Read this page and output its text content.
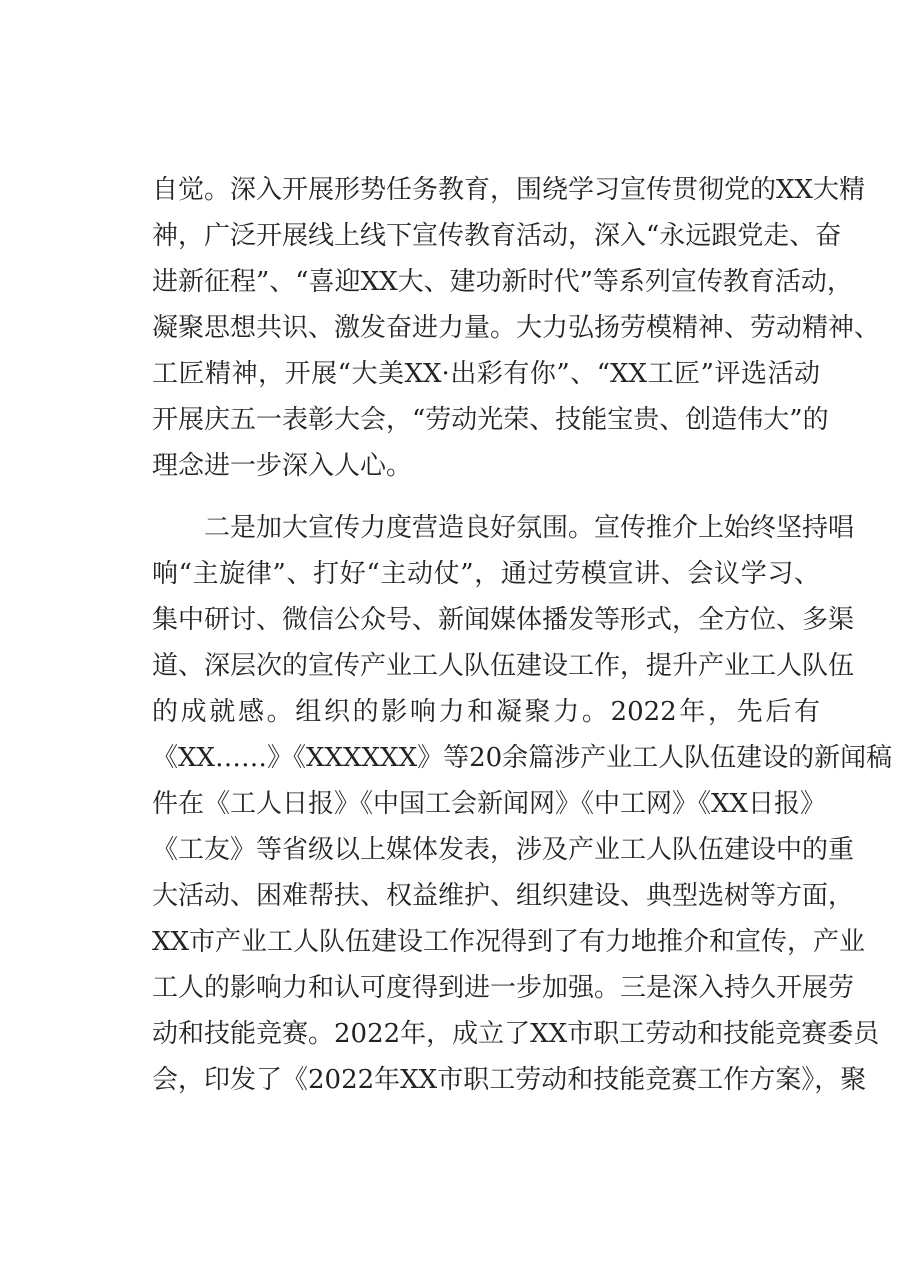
自觉。深入开展形势任务教育，围绕学习宣传贯彻党的XX大精
神，广泛开展线上线下宣传教育活动，深入“永远跟党走、奋
进新征程”、“喜迎XX大、建功新时代”等系列宣传教育活动，
凝聚思想共识、激发奋进力量。大力弘扬劳模精神、劳动精神、
工匠精神，开展“大美XX·出彩有你”、“XX工匠”评选活动
开展庆五一表彰大会，“劳动光荣、技能宝贵、创造伟大”的
理念进一步深入人心。
二是加大宣传力度营造良好氛围。宣传推介上始终坚持唱
响“主旋律”、打好“主动仗”，通过劳模宣讲、会议学习、
集中研讨、微信公众号、新闻媒体播发等形式，全方位、多渠
道、深层次的宣传产业工人队伍建设工作，提升产业工人队伍
的成就感。组织的影响力和凝聚力。2022年，先后有
《XX……》《XXXXXX》等20余篇涉产业工人队伍建设的新闻稿
件在《工人日报》《中国工会新闻网》《中工网》《XX日报》
《工友》等省级以上媒体发表，涉及产业工人队伍建设中的重
大活动、困难帮扶、权益维护、组织建设、典型选树等方面，
XX市产业工人队伍建设工作况得到了有力地推介和宣传，产业
工人的影响力和认可度得到进一步加强。三是深入持久开展劳
动和技能竞赛。2022年，成立了XX市职工劳动和技能竞赛委员
会，印发了《2022年XX市职工劳动和技能竞赛工作方案》，聚
